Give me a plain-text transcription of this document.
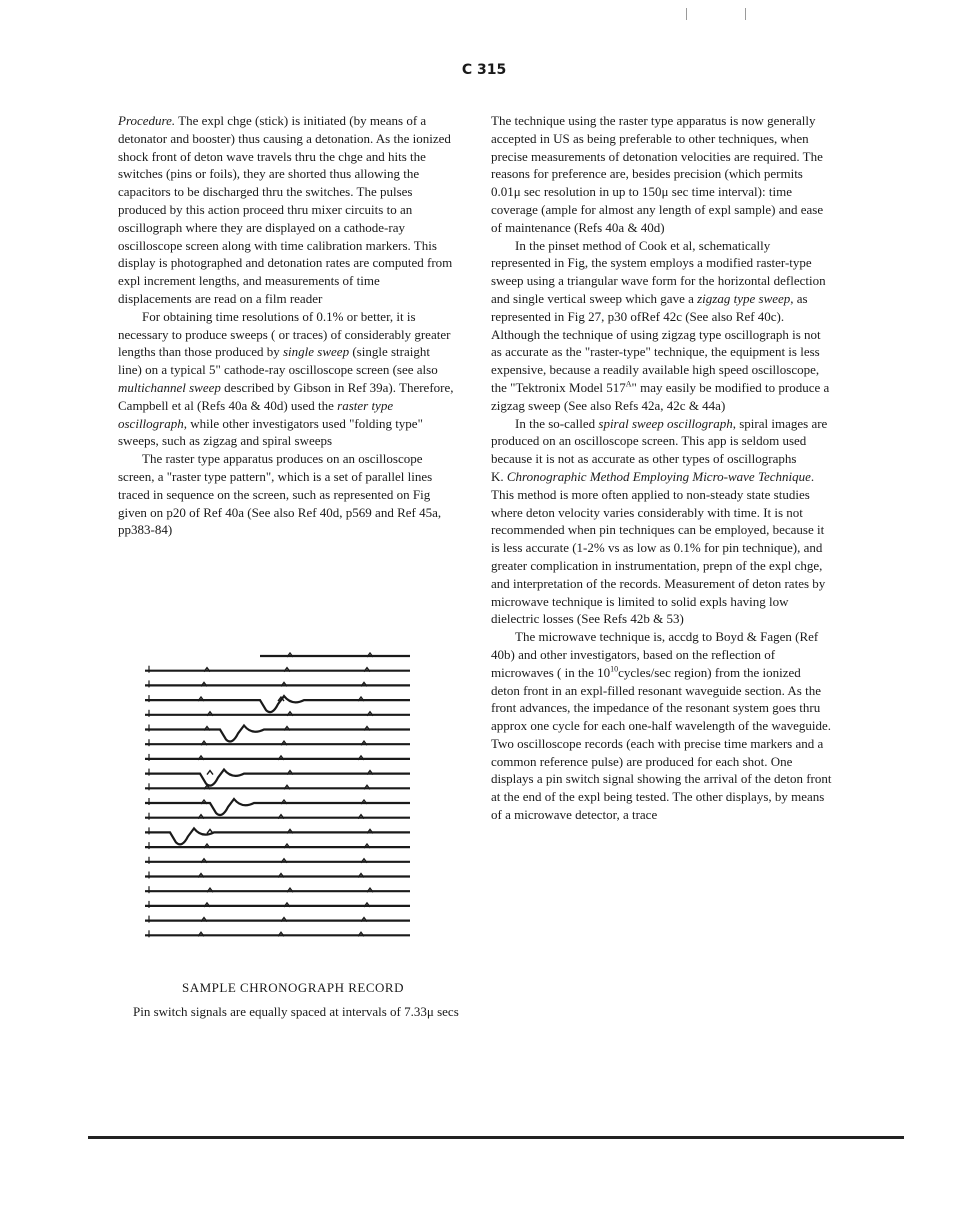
C 315

Procedure. The expl chge (stick) is initiated (by means of a detonator and booster) thus causing a detonation. As the ionized shock front of deton wave travels thru the chge and hits the switches (pins or foils), they are shorted thus allowing the capacitors to be discharged thru the switches. The pulses produced by this action proceed thru mixer circuits to an oscillograph where they are displayed on a cathode-ray oscilloscope screen along with time calibration markers. This display is photographed and detonation rates are computed from expl increment lengths, and measurements of time displacements are read on a film reader

For obtaining time resolutions of 0.1% or better, it is necessary to produce sweeps ( or traces) of considerably greater lengths than those produced by single sweep (single straight line) on a typical 5" cathode-ray oscilloscope screen (see also multichannel sweep described by Gibson in Ref 39a). Therefore, Campbell et al (Refs 40a & 40d) used the raster type oscillograph, while other investigators used "folding type" sweeps, such as zigzag and spiral sweeps

The raster type apparatus produces on an oscilloscope screen, a "raster type pattern", which is a set of parallel lines traced in sequence on the screen, such as represented on Fig given on p20 of Ref 40a (See also Ref 40d, p569 and Ref 45a, pp383-84)

SAMPLE CHRONOGRAPH RECORD
Pin switch signals are equally spaced at intervals of 7.33μ secs

The technique using the raster type apparatus is now generally accepted in US as being preferable to other techniques, when precise measurements of detonation velocities are required. The reasons for preference are, besides precision (which permits 0.01μ sec resolution in up to 150μ sec time interval): time coverage (ample for almost any length of expl sample) and ease of maintenance (Refs 40a & 40d)

In the pinset method of Cook et al, schematically represented in Fig, the system employs a modified raster-type sweep using a triangular wave form for the horizontal deflection and single vertical sweep which gave a zigzag type sweep, as represented in Fig 27, p30 ofRef 42c (See also Ref 40c). Although the technique of using zigzag type oscillograph is not as accurate as the "raster-type" technique, the equipment is less expensive, because a readily available high speed oscilloscope, the "Tektronix Model $517^A$" may easily be modified to produce a zigzag sweep (See also Refs 42a, 42c & 44a)

In the so-called spiral sweep oscillograph, spiral images are produced on an oscilloscope screen. This app is seldom used because it is not as accurate as other types of oscillographs

K. Chronographic Method Employing Micro-wave Technique. This method is more often applied to non-steady state studies where deton velocity varies considerably with time. It is not recommended when pin techniques can be employed, because it is less accurate (1-2% vs as low as 0.1% for pin technique), and greater complication in instrumentation, prepn of the expl chge, and interpretation of the records. Measurement of deton rates by microwave technique is limited to solid expls having low dielectric losses (See Refs 42b & 53)

The microwave technique is, accdg to Boyd & Fagen (Ref 40b) and other investigators, based on the reflection of microwaves ( in the $10^{10}cycles/\sec$ region) from the ionized deton front in an expl-filled resonant waveguide section. As the front advances, the impedance of the resonant system goes thru approx one cycle for each one-half wavelength of the waveguide. Two oscilloscope records (each with precise time markers and a common reference pulse) are produced for each shot. One displays a pin switch signal showing the arrival of the deton front at the end of the expl being tested. The other displays, by means of a microwave detector, a trace
